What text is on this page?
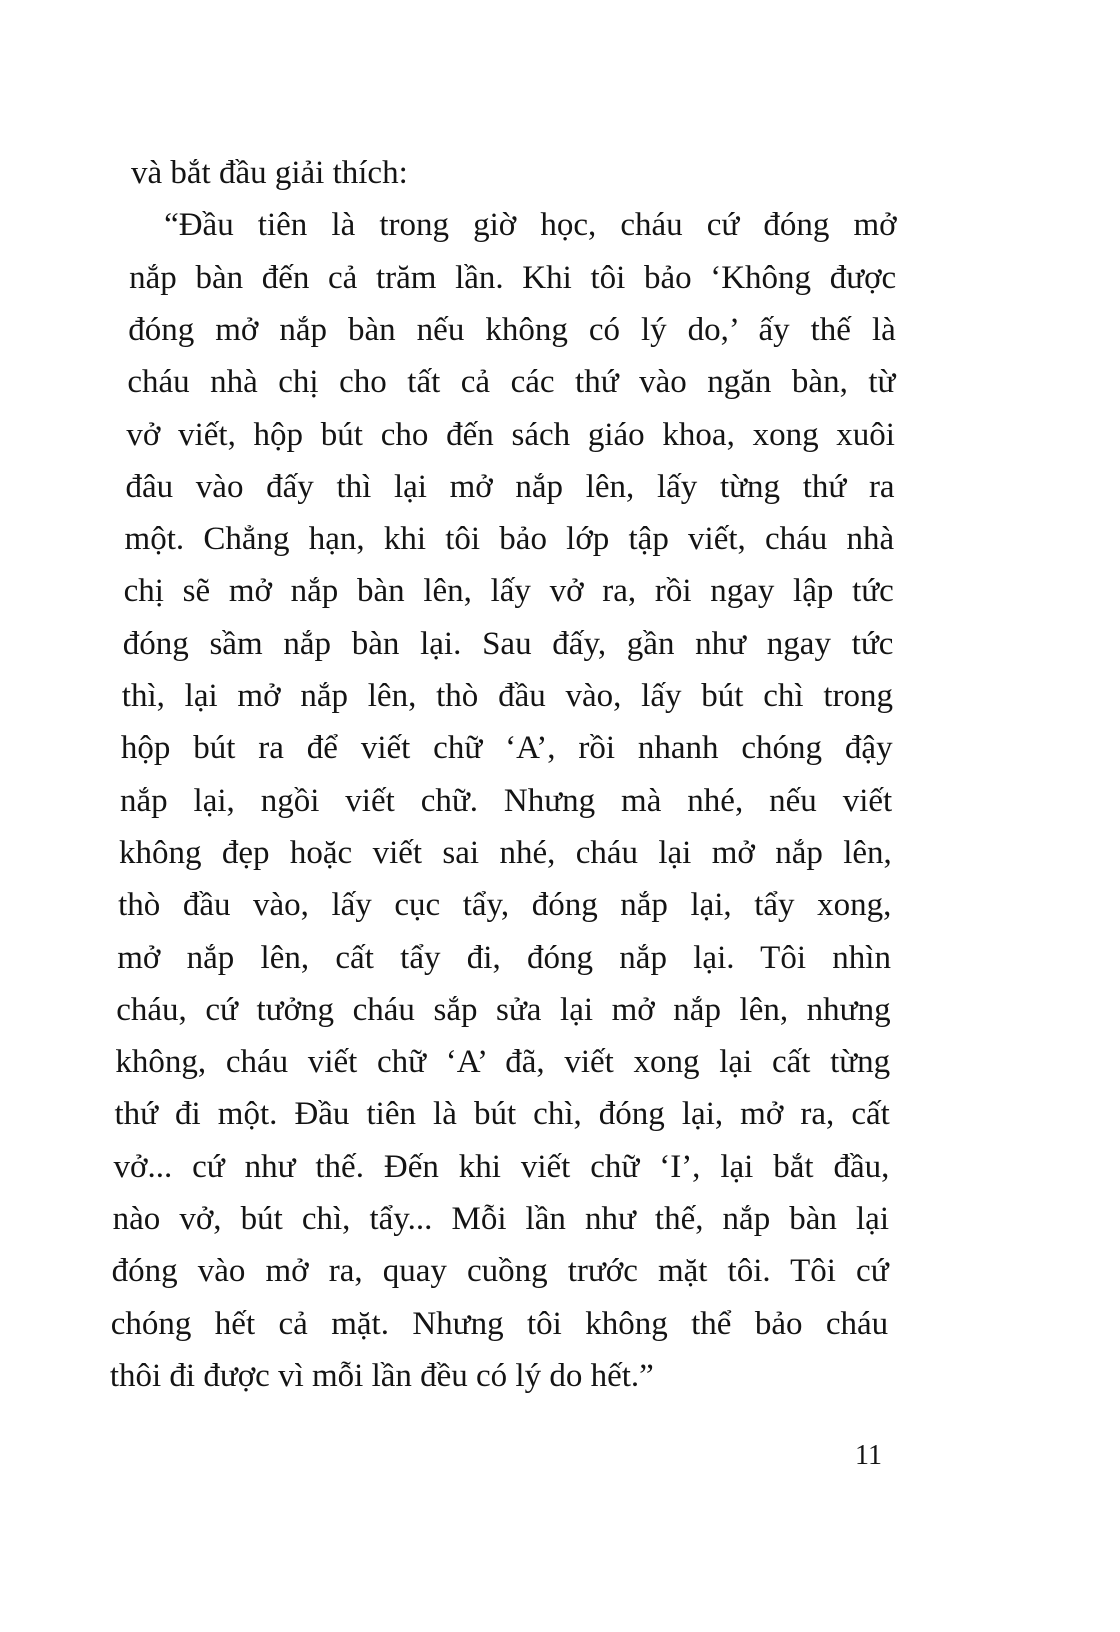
và bắt đầu giải thích:
“Đầu tiên là trong giờ học, cháu cứ đóng mở
nắp bàn đến cả trăm lần. Khi tôi bảo ‘Không được
đóng mở nắp bàn nếu không có lý do,’ ấy thế là
cháu nhà chị cho tất cả các thứ vào ngăn bàn, từ
vở viết, hộp bút cho đến sách giáo khoa, xong xuôi
đâu vào đấy thì lại mở nắp lên, lấy từng thứ ra
một. Chẳng hạn, khi tôi bảo lớp tập viết, cháu nhà
chị sẽ mở nắp bàn lên, lấy vở ra, rồi ngay lập tức
đóng sầm nắp bàn lại. Sau đấy, gần như ngay tức
thì, lại mở nắp lên, thò đầu vào, lấy bút chì trong
hộp bút ra để viết chữ ‘A’, rồi nhanh chóng đậy
nắp lại, ngồi viết chữ. Nhưng mà nhé, nếu viết
không đẹp hoặc viết sai nhé, cháu lại mở nắp lên,
thò đầu vào, lấy cục tẩy, đóng nắp lại, tẩy xong,
mở nắp lên, cất tẩy đi, đóng nắp lại. Tôi nhìn
cháu, cứ tưởng cháu sắp sửa lại mở nắp lên, nhưng
không, cháu viết chữ ‘A’ đã, viết xong lại cất từng
thứ đi một. Đầu tiên là bút chì, đóng lại, mở ra, cất
vở... cứ như thế. Đến khi viết chữ ‘I’, lại bắt đầu,
nào vở, bút chì, tẩy... Mỗi lần như thế, nắp bàn lại
đóng vào mở ra, quay cuồng trước mặt tôi. Tôi cứ
chóng hết cả mặt. Nhưng tôi không thể bảo cháu
thôi đi được vì mỗi lần đều có lý do hết.”
11
